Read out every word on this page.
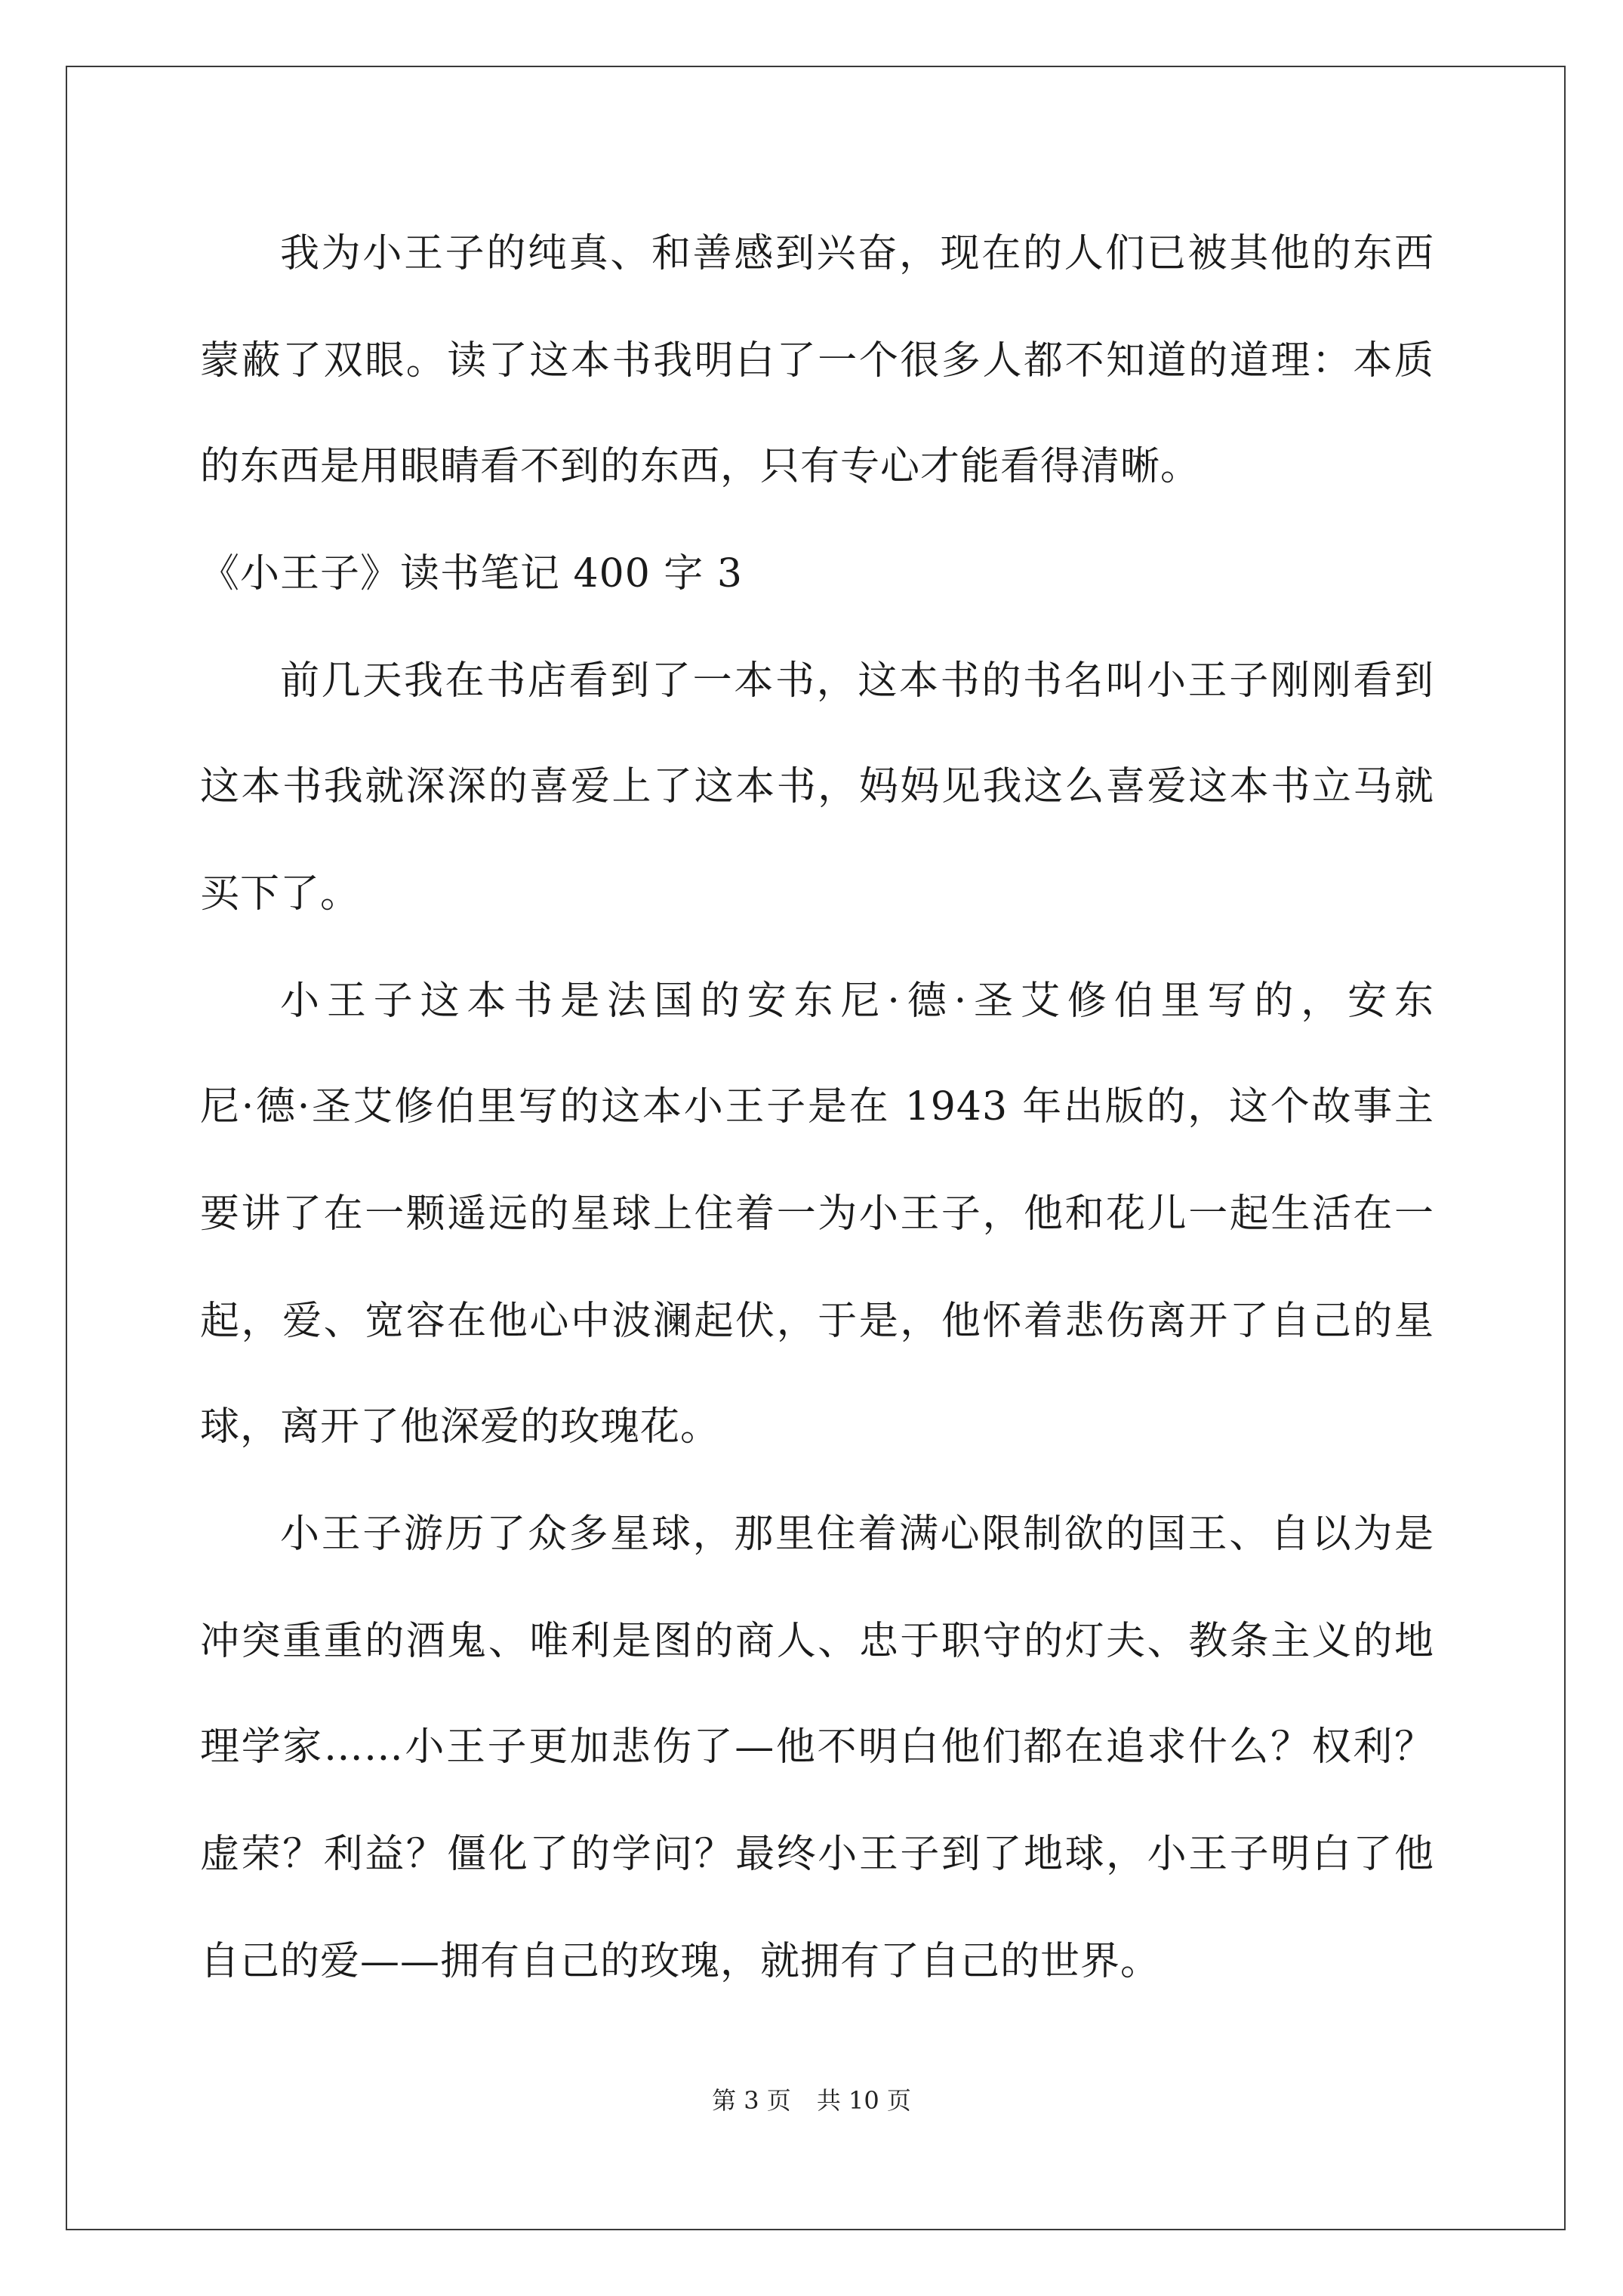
我为小王子的纯真、和善感到兴奋，现在的人们已被其他的东西
蒙蔽了双眼。读了这本书我明白了一个很多人都不知道的道理：本质
的东西是用眼睛看不到的东西，只有专心才能看得清晰。
《小王子》读书笔记 400 字 3
前几天我在书店看到了一本书，这本书的书名叫小王子刚刚看到
这本书我就深深的喜爱上了这本书，妈妈见我这么喜爱这本书立马就
买下了。
小王子这本书是法国的安东尼·德·圣艾修伯里写的，安东
尼·德·圣艾修伯里写的这本小王子是在 1943 年出版的，这个故事主
要讲了在一颗遥远的星球上住着一为小王子，他和花儿一起生活在一
起，爱、宽容在他心中波澜起伏，于是，他怀着悲伤离开了自己的星
球，离开了他深爱的玫瑰花。
小王子游历了众多星球，那里住着满心限制欲的国王、自以为是
冲突重重的酒鬼、唯利是图的商人、忠于职守的灯夫、教条主义的地
理学家……小王子更加悲伤了—他不明白他们都在追求什么？权利？
虚荣？利益？僵化了的学问？最终小王子到了地球，小王子明白了他
自己的爱——拥有自己的玫瑰，就拥有了自己的世界。
第 3 页 共 10 页
